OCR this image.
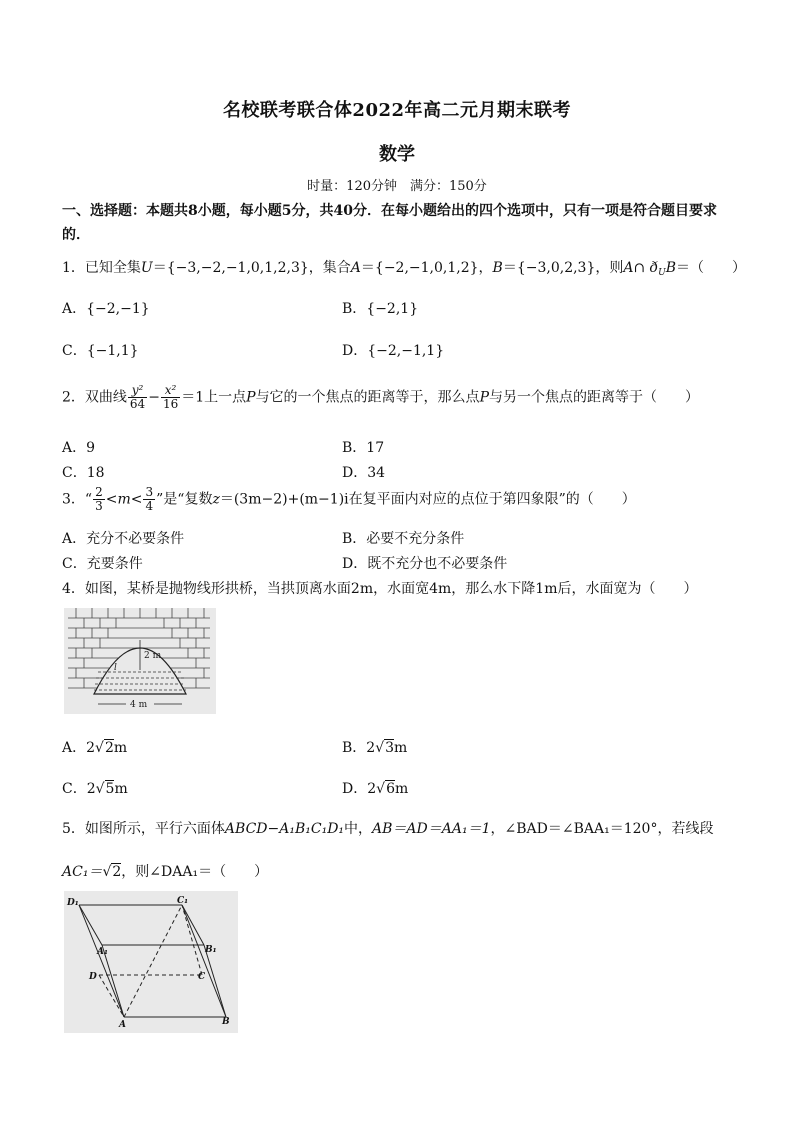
名校联考联合体2022年高二元月期末联考
数学
时量：120分钟　满分：150分
一、选择题：本题共8小题，每小题5分，共40分．在每小题给出的四个选项中，只有一项是符合题目要求的．
1．已知全集U＝{−3,−2,−1,0,1,2,3}，集合A＝{−2,−1,0,1,2}，B＝{−3,0,2,3}，则A∩ $ð_UB=$（　　）
A．{−2,−1}	B．{−2,1}
C．{−1,1}	D．{−2,−1,1}
2．双曲线 $\frac{\text{y²}}{64} - \frac{\text{x²}}{16} =1$上一点P与它的一个焦点的距离等于，那么点P与另一个焦点的距离等于（　　）
A．9	B．17
C．18	D．34
3．“ $\frac{2}{3} <m< \frac{3}{4}$ ”是“复数z＝(3m−2)+(m−1)i在复平面内对应的点位于第四象限”的（　　）
A．充分不必要条件	B．必要不充分条件
C．充要条件	D．既不充分也不必要条件
4．如图，某桥是抛物线形拱桥，当拱顶离水面2m，水面宽4m，那么水下降1m后，水面宽为（　　）
2 m
l
4 m
A．2√2m	B．2√3m
C．2√5m	D．2√6m
5．如图所示，平行六面体ABCD−A₁B₁C₁D₁中，AB＝AD＝AA₁＝1，∠BAD＝∠BAA₁＝120°，若线段
AC₁＝√2，则∠DAA₁＝（　　）
D₁	C₁
A₁	B₁
D	C
A	B
